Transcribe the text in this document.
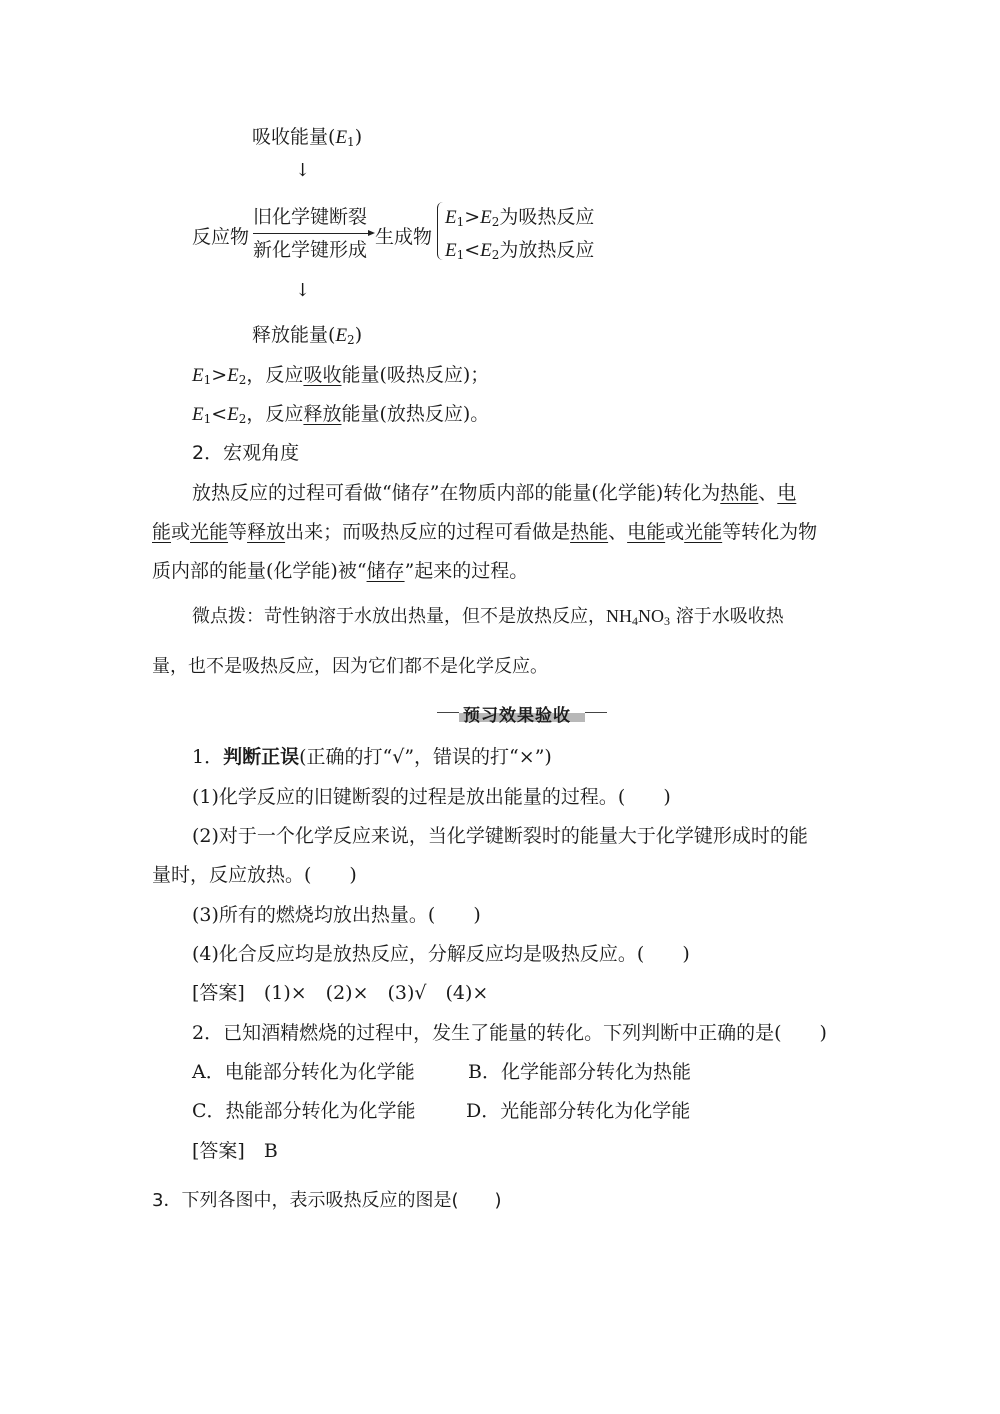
吸收能量$(E_1)$
↓
反应物
旧化学键断裂
新化学键形成
生成物
$E_1>E_2$为吸热反应
$E_1<E_2$为放热反应
↓
释放能量$(E_2)$
$E_1>E_2$，反应吸收能量(吸热反应)；
$E_1<E_2$，反应释放能量(放热反应)。
2．宏观角度
放热反应的过程可看做“储存”在物质内部的能量(化学能)转化为热能、电
能或光能等释放出来；而吸热反应的过程可看做是热能、电能或光能等转化为物
质内部的能量(化学能)被“储存”起来的过程。
微点拨：苛性钠溶于水放出热量，但不是放热反应，$NH_4NO_3$ 溶于水吸收热
量，也不是吸热反应，因为它们都不是化学反应。
预习效果验收
1．判断正误(正确的打“√”，错误的打“×”)
(1)化学反应的旧键断裂的过程是放出能量的过程。(　　)
(2)对于一个化学反应来说，当化学键断裂时的能量大于化学键形成时的能
量时，反应放热。(　　)
(3)所有的燃烧均放出热量。(　　)
(4)化合反应均是放热反应，分解反应均是吸热反应。(　　)
[答案]　(1)×　(2)×　(3)√　(4)×
2．已知酒精燃烧的过程中，发生了能量的转化。下列判断中正确的是(　　)
A．电能部分转化为化学能	B．化学能部分转化为热能
C．热能部分转化为化学能	D．光能部分转化为化学能
[答案]　B
3．下列各图中，表示吸热反应的图是(　　)
